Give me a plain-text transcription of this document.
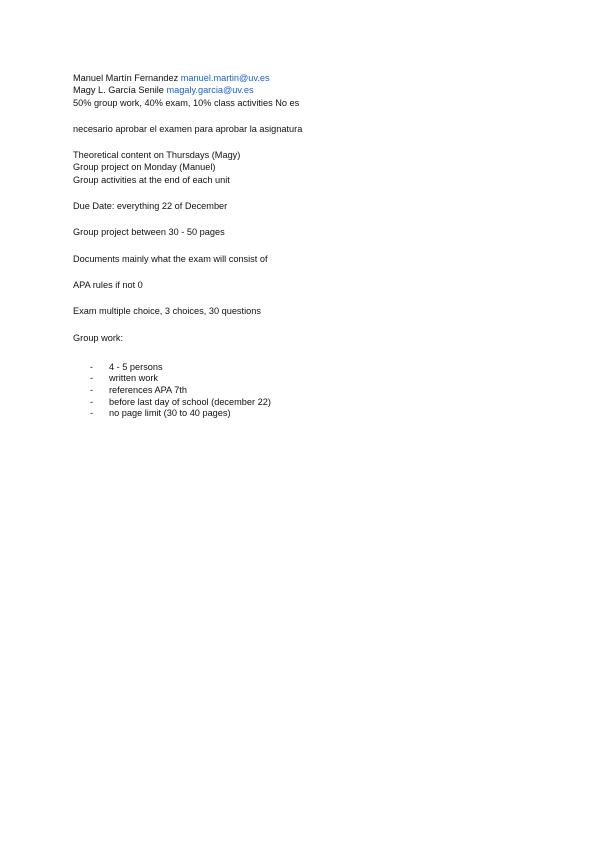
Manuel Martín Fernandez manuel.martin@uv.es
Magy L. García Senile magaly.garcia@uv.es
50% group work, 40% exam, 10% class activities No es
necesario aprobar el examen para aprobar la asignatura
Theoretical content on Thursdays (Magy)
Group project on Monday (Manuel)
Group activities at the end of each unit
Due Date: everything 22 of December
Group project between 30 - 50 pages
Documents mainly what the exam will consist of
APA rules if not 0
Exam multiple choice, 3 choices, 30 questions
Group work:
- 4 - 5 persons
- written work
- references APA 7th
- before last day of school (december 22)
- no page limit (30 to 40 pages)
